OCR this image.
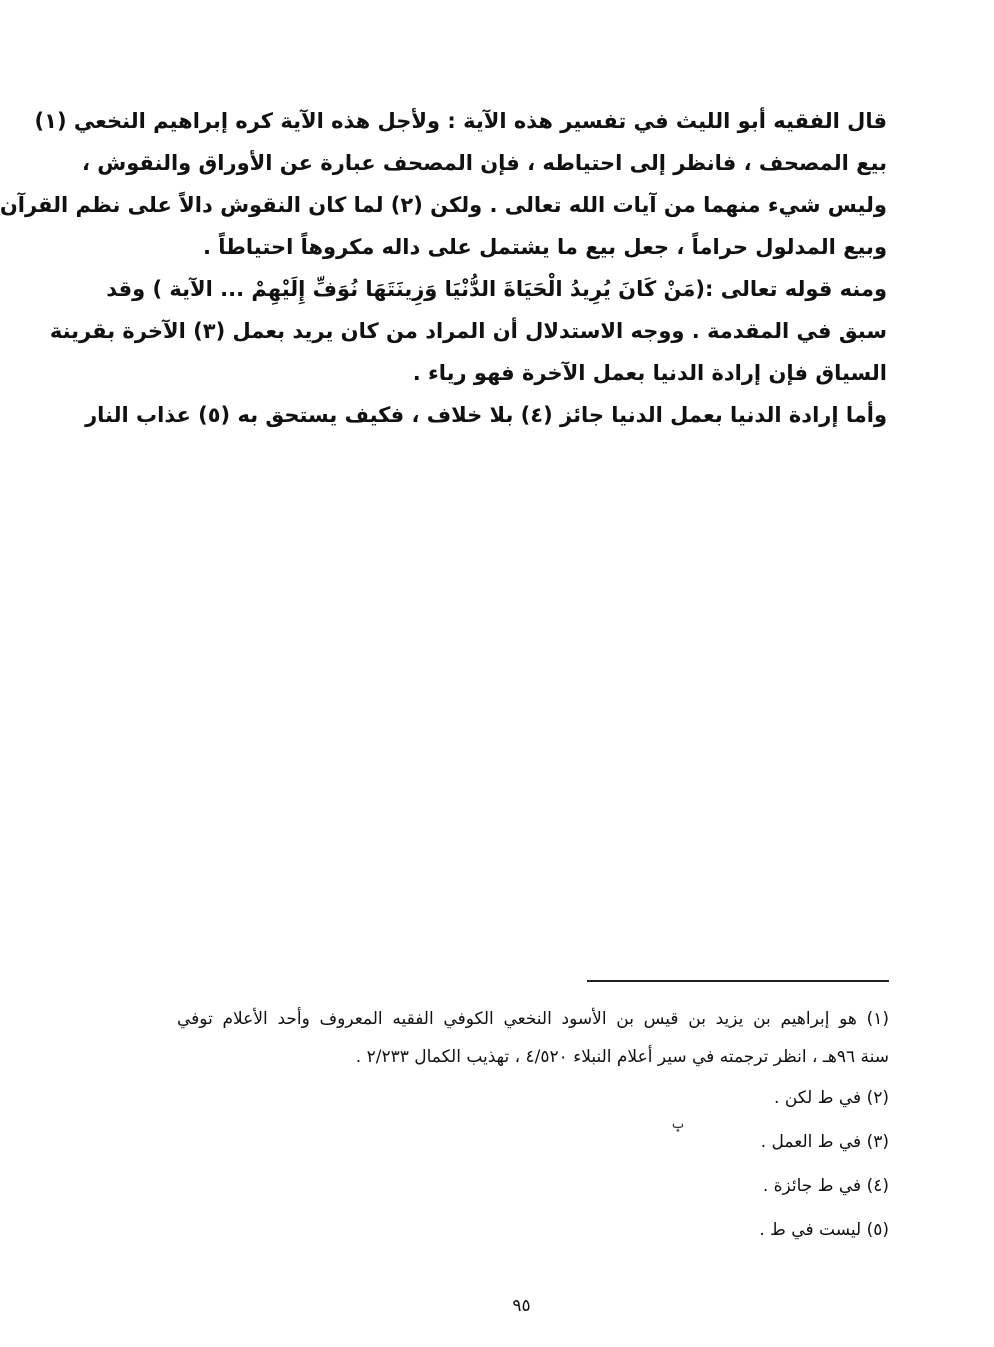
قال الفقيه أبو الليث في تفسير هذه الآية : ولأجل هذه الآية كره إبراهيم النخعي (١)
بيع المصحف ، فانظر إلى احتياطه ، فإن المصحف عبارة عن الأوراق والنقوش ،
وليس شيء منهما من آيات الله تعالى . ولكن (٢) لما كان النقوش دالاً على نظم القرآن
وبيع المدلول حراماً ، جعل بيع ما يشتمل على داله مكروهاً احتياطاً .
ومنه قوله تعالى :(مَنْ كَانَ يُرِيدُ الْحَيَاةَ الدُّنْيَا وَزِينَتَهَا نُوَفِّ إِلَيْهِمْ ... الآية ) وقد
سبق في المقدمة . ووجه الاستدلال أن المراد من كان يريد بعمل (٣) الآخرة بقرينة
السياق فإن إرادة الدنيا بعمل الآخرة فهو رياء .
وأما إرادة الدنيا بعمل الدنيا جائز (٤) بلا خلاف ، فكيف يستحق به (٥) عذاب النار
(١) هو إبراهيم بن يزيد بن قيس بن الأسود النخعي الكوفي الفقيه المعروف وأحد الأعلام توفي
سنة ٩٦هـ ، انظر ترجمته في سير أعلام النبلاء ٤/٥٢٠ ، تهذيب الكمال ٢/٢٣٣ .
(٢) في ط لكن .
(٣) في ط العمل .
(٤) في ط جائزة .
(٥) ليست في ط .
ݒ
٩٥
